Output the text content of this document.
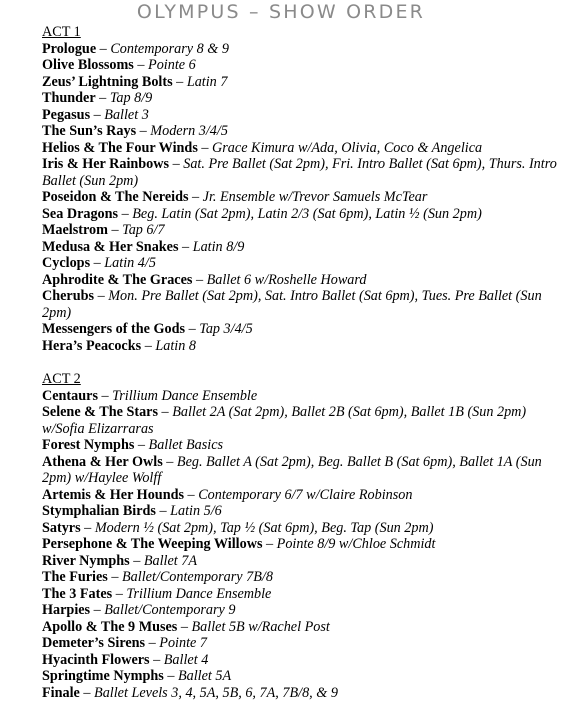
OLYMPUS – SHOW ORDER
ACT 1
Prologue – Contemporary 8 & 9
Olive Blossoms – Pointe 6
Zeus’ Lightning Bolts – Latin 7
Thunder – Tap 8/9
Pegasus – Ballet 3
The Sun’s Rays – Modern 3/4/5
Helios & The Four Winds – Grace Kimura w/Ada, Olivia, Coco & Angelica
Iris & Her Rainbows – Sat. Pre Ballet (Sat 2pm), Fri. Intro Ballet (Sat 6pm), Thurs. Intro Ballet (Sun 2pm)
Poseidon & The Nereids – Jr. Ensemble w/Trevor Samuels McTear
Sea Dragons – Beg. Latin (Sat 2pm), Latin 2/3 (Sat 6pm), Latin ½ (Sun 2pm)
Maelstrom – Tap 6/7
Medusa & Her Snakes – Latin 8/9
Cyclops – Latin 4/5
Aphrodite & The Graces – Ballet 6 w/Roshelle Howard
Cherubs – Mon. Pre Ballet (Sat 2pm), Sat. Intro Ballet (Sat 6pm), Tues. Pre Ballet (Sun 2pm)
Messengers of the Gods – Tap 3/4/5
Hera’s Peacocks – Latin 8
ACT 2
Centaurs – Trillium Dance Ensemble
Selene & The Stars – Ballet 2A (Sat 2pm), Ballet 2B (Sat 6pm), Ballet 1B (Sun 2pm) w/Sofia Elizarraras
Forest Nymphs – Ballet Basics
Athena & Her Owls – Beg. Ballet A (Sat 2pm), Beg. Ballet B (Sat 6pm), Ballet 1A (Sun 2pm) w/Haylee Wolff
Artemis & Her Hounds – Contemporary 6/7 w/Claire Robinson
Stymphalian Birds – Latin 5/6
Satyrs – Modern ½ (Sat 2pm), Tap ½ (Sat 6pm), Beg. Tap (Sun 2pm)
Persephone & The Weeping Willows – Pointe 8/9 w/Chloe Schmidt
River Nymphs – Ballet 7A
The Furies – Ballet/Contemporary 7B/8
The 3 Fates – Trillium Dance Ensemble
Harpies – Ballet/Contemporary 9
Apollo & The 9 Muses – Ballet 5B w/Rachel Post
Demeter’s Sirens – Pointe 7
Hyacinth Flowers – Ballet 4
Springtime Nymphs – Ballet 5A
Finale – Ballet Levels 3, 4, 5A, 5B, 6, 7A, 7B/8, & 9
